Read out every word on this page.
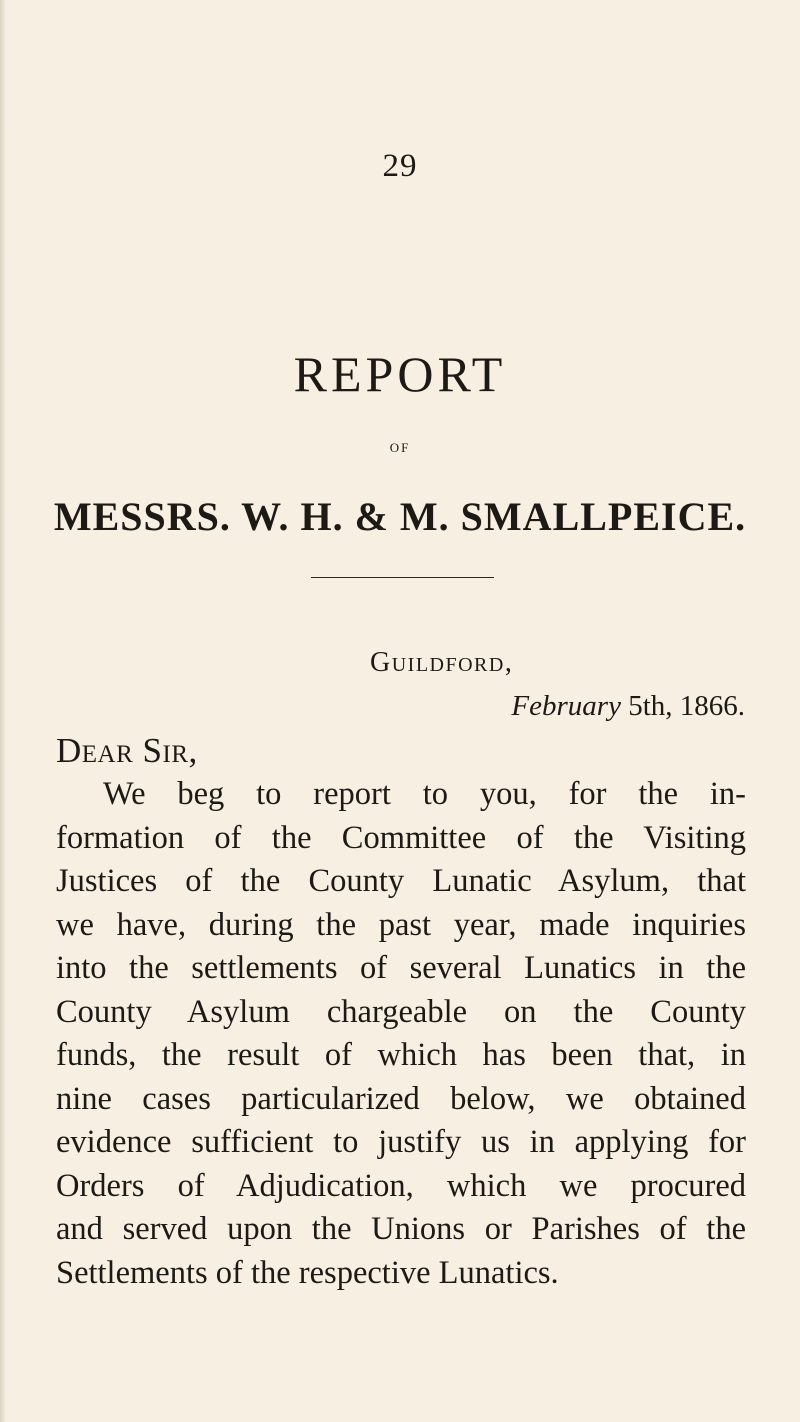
29
REPORT
OF
MESSRS. W. H. & M. SMALLPEICE.
Guildford,
February 5th, 1866.
Dear Sir,
We beg to report to you, for the in-
formation of the Committee of the Visiting
Justices of the County Lunatic Asylum, that
we have, during the past year, made inquiries
into the settlements of several Lunatics in the
County Asylum chargeable on the County
funds, the result of which has been that, in
nine cases particularized below, we obtained
evidence sufficient to justify us in applying for
Orders of Adjudication, which we procured
and served upon the Unions or Parishes of the
Settlements of the respective Lunatics.
